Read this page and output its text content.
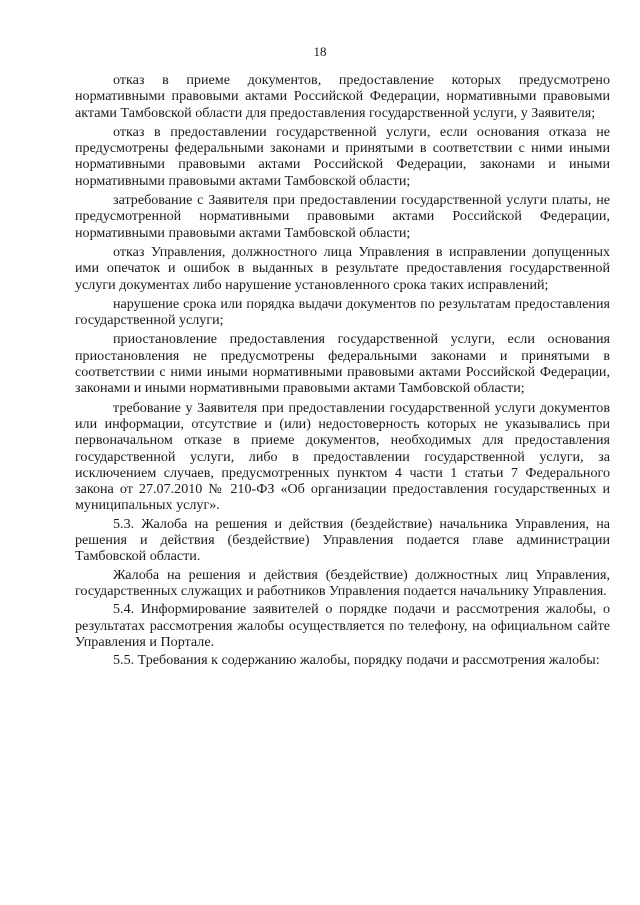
18

отказ в приеме документов, предоставление которых предусмотрено нормативными правовыми актами Российской Федерации, нормативными правовыми актами Тамбовской области для предоставления государственной услуги, у Заявителя;

отказ в предоставлении государственной услуги, если основания отказа не предусмотрены федеральными законами и принятыми в соответствии с ними иными нормативными правовыми актами Российской Федерации, законами и иными нормативными правовыми актами Тамбовской области;

затребование с Заявителя при предоставлении государственной услуги платы, не предусмотренной нормативными правовыми актами Российской Федерации, нормативными правовыми актами Тамбовской области;

отказ Управления, должностного лица Управления в исправлении допущенных ими опечаток и ошибок в выданных в результате предоставления государственной услуги документах либо нарушение установленного срока таких исправлений;

нарушение срока или порядка выдачи документов по результатам предоставления государственной услуги;

приостановление предоставления государственной услуги, если основания приостановления не предусмотрены федеральными законами и принятыми в соответствии с ними иными нормативными правовыми актами Российской Федерации, законами и иными нормативными правовыми актами Тамбовской области;

требование у Заявителя при предоставлении государственной услуги документов или информации, отсутствие и (или) недостоверность которых не указывались при первоначальном отказе в приеме документов, необходимых для предоставления государственной услуги, либо в предоставлении государственной услуги, за исключением случаев, предусмотренных пунктом 4 части 1 статьи 7 Федерального закона от 27.07.2010 № 210-ФЗ «Об организации предоставления государственных и муниципальных услуг».

5.3. Жалоба на решения и действия (бездействие) начальника Управления, на решения и действия (бездействие) Управления подается главе администрации Тамбовской области.

Жалоба на решения и действия (бездействие) должностных лиц Управления, государственных служащих и работников Управления подается начальнику Управления.

5.4. Информирование заявителей о порядке подачи и рассмотрения жалобы, о результатах рассмотрения жалобы осуществляется по телефону, на официальном сайте Управления и Портале.

5.5. Требования к содержанию жалобы, порядку подачи и рассмотрения жалобы:
